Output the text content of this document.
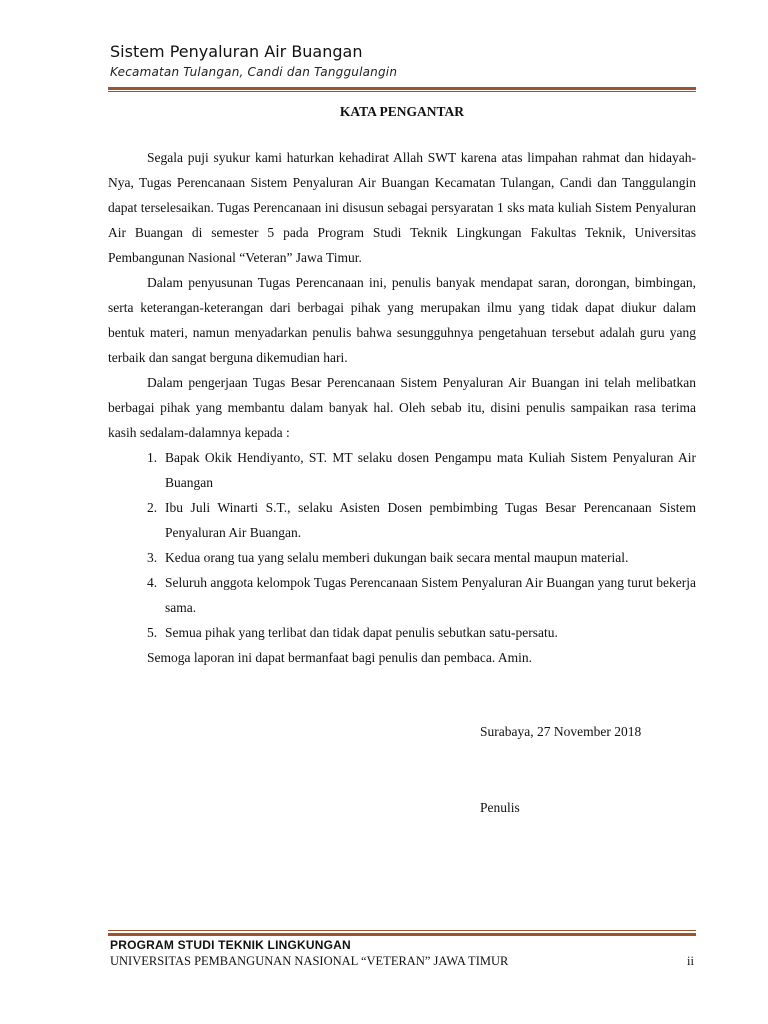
Sistem Penyaluran Air Buangan
Kecamatan Tulangan, Candi dan Tanggulangin
KATA PENGANTAR

Segala puji syukur kami haturkan kehadirat Allah SWT karena atas limpahan rahmat dan hidayah-Nya, Tugas Perencanaan Sistem Penyaluran Air Buangan Kecamatan Tulangan, Candi dan Tanggulangin dapat terselesaikan. Tugas Perencanaan ini disusun sebagai persyaratan 1 sks mata kuliah Sistem Penyaluran Air Buangan di semester 5 pada Program Studi Teknik Lingkungan Fakultas Teknik, Universitas Pembangunan Nasional “Veteran” Jawa Timur.

Dalam penyusunan Tugas Perencanaan ini, penulis banyak mendapat saran, dorongan, bimbingan, serta keterangan-keterangan dari berbagai pihak yang merupakan ilmu yang tidak dapat diukur dalam bentuk materi, namun menyadarkan penulis bahwa sesungguhnya pengetahuan tersebut adalah guru yang terbaik dan sangat berguna dikemudian hari.

Dalam pengerjaan Tugas Besar Perencanaan Sistem Penyaluran Air Buangan ini telah melibatkan berbagai pihak yang membantu dalam banyak hal. Oleh sebab itu, disini penulis sampaikan rasa terima kasih sedalam-dalamnya kepada :

1. Bapak Okik Hendiyanto, ST. MT selaku dosen Pengampu mata Kuliah Sistem Penyaluran Air Buangan
2. Ibu Juli Winarti S.T., selaku Asisten Dosen pembimbing Tugas Besar Perencanaan Sistem Penyaluran Air Buangan.
3. Kedua orang tua yang selalu memberi dukungan baik secara mental maupun material.
4. Seluruh anggota kelompok Tugas Perencanaan Sistem Penyaluran Air Buangan yang turut bekerja sama.
5. Semua pihak yang terlibat dan tidak dapat penulis sebutkan satu-persatu.

Semoga laporan ini dapat bermanfaat bagi penulis dan pembaca. Amin.

Surabaya, 27 November 2018
Penulis
PROGRAM STUDI TEKNIK LINGKUNGAN
UNIVERSITAS PEMBANGUNAN NASIONAL “VETERAN” JAWA TIMUR	ii
